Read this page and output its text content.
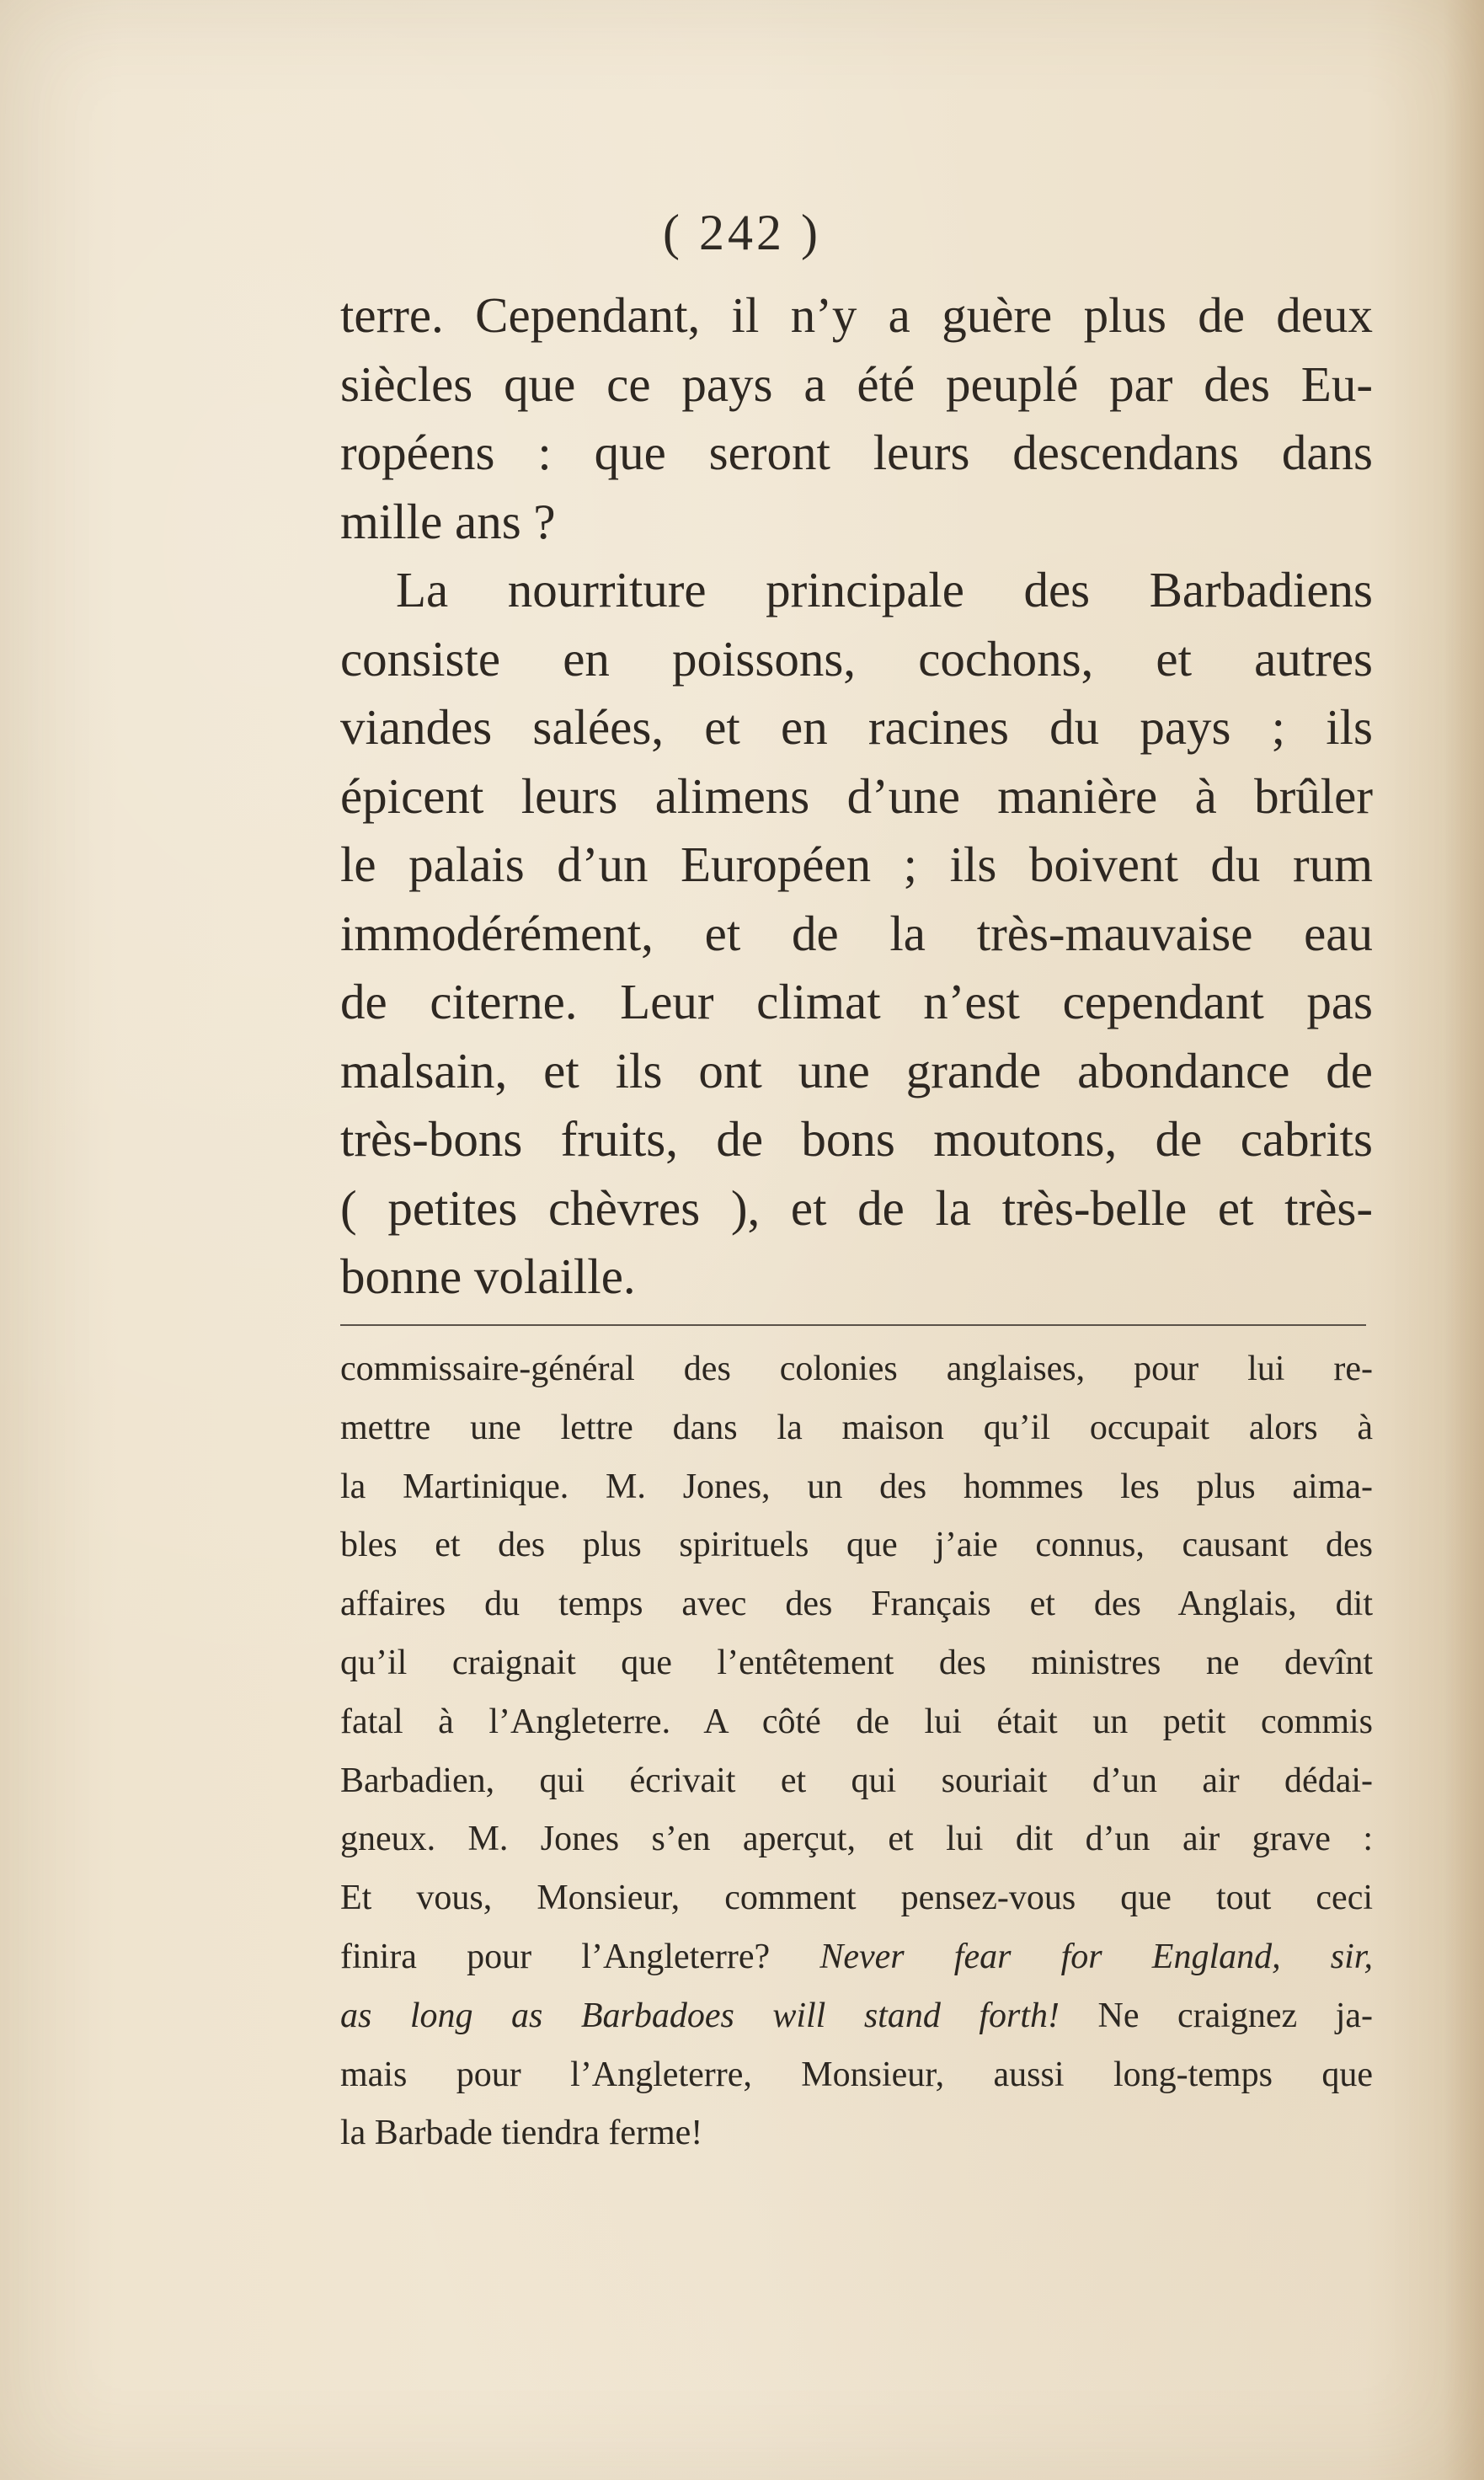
( 242 )
terre. Cependant, il n’y a guère plus de deux
siècles que ce pays a été peuplé par des Eu-
ropéens : que seront leurs descendans dans
mille ans ?
La nourriture principale des Barbadiens
consiste en poissons, cochons, et autres
viandes salées, et en racines du pays ; ils
épicent leurs alimens d’une manière à brûler
le palais d’un Européen ; ils boivent du rum
immodérément, et de la très-mauvaise eau
de citerne. Leur climat n’est cependant pas
malsain, et ils ont une grande abondance de
très-bons fruits, de bons moutons, de cabrits
( petites chèvres ), et de la très-belle et très-
bonne volaille.
commissaire-général des colonies anglaises, pour lui re-
mettre une lettre dans la maison qu’il occupait alors à
la Martinique. M. Jones, un des hommes les plus aima-
bles et des plus spirituels que j’aie connus, causant des
affaires du temps avec des Français et des Anglais, dit
qu’il craignait que l’entêtement des ministres ne devînt
fatal à l’Angleterre. A côté de lui était un petit commis
Barbadien, qui écrivait et qui souriait d’un air dédai-
gneux. M. Jones s’en aperçut, et lui dit d’un air grave :
Et vous, Monsieur, comment pensez-vous que tout ceci
finira pour l’Angleterre? Never fear for England, sir,
as long as Barbadoes will stand forth! Ne craignez ja-
mais pour l’Angleterre, Monsieur, aussi long-temps que
la Barbade tiendra ferme!
